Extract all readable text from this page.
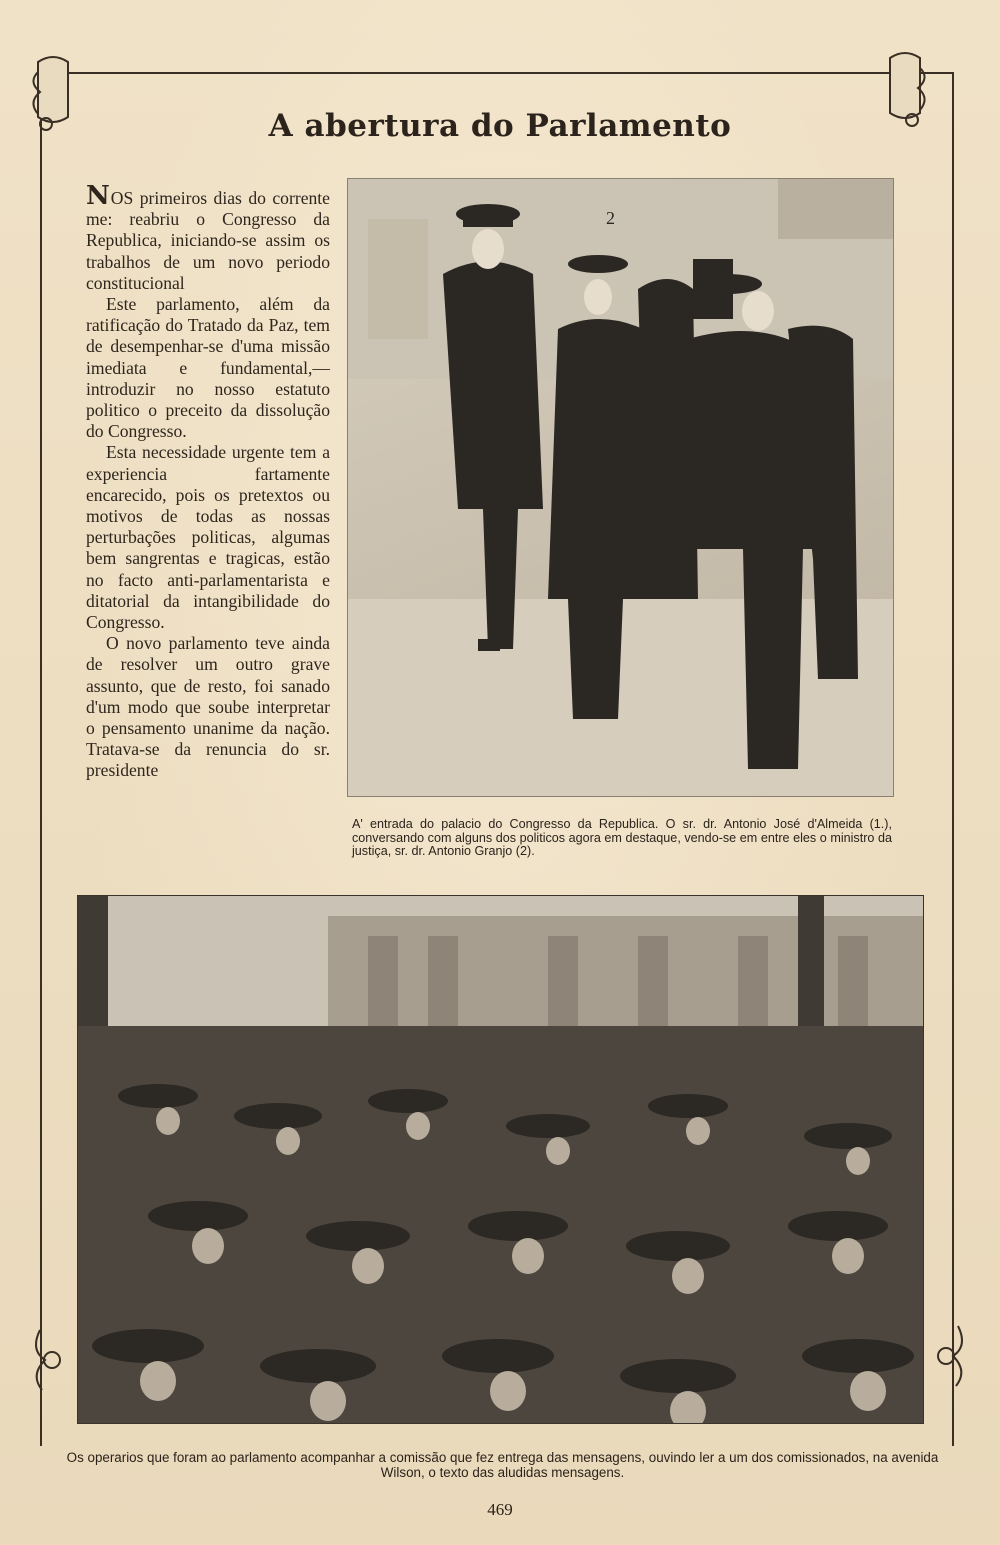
A abertura do Parlamento

NOS primeiros dias do corrente me: reabriu o Congresso da Republica, iniciando-se assim os trabalhos de um novo periodo constitucional

Este parlamento, além da ratificação do Tratado da Paz, tem de desempenhar-se d'uma missão imediata e fundamental,—introduzir no nosso estatuto politico o preceito da dissolução do Congresso.

Esta necessidade urgente tem a experiencia fartamente encarecido, pois os pretextos ou motivos de todas as nossas perturbações politicas, algumas bem sangrentas e tragicas, estão no facto anti-parlamentarista e ditatorial da intangibilidade do Congresso.

O novo parlamento teve ainda de resolver um outro grave assunto, que de resto, foi sanado d'um modo que soube interpretar o pensamento unanime da nação. Tratava-se da renuncia do sr. presidente

2
A' entrada do palacio do Congresso da Republica. O sr. dr. Antonio José d'Almeida (1.), conversando com alguns dos politicos agora em destaque, vendo-se em entre eles o ministro da justiça, sr. dr. Antonio Granjo (2).
Os operarios que foram ao parlamento acompanhar a comissão que fez entrega das mensagens, ouvindo ler a um dos comissionados, na avenida Wilson, o texto das aludidas mensagens.
469
